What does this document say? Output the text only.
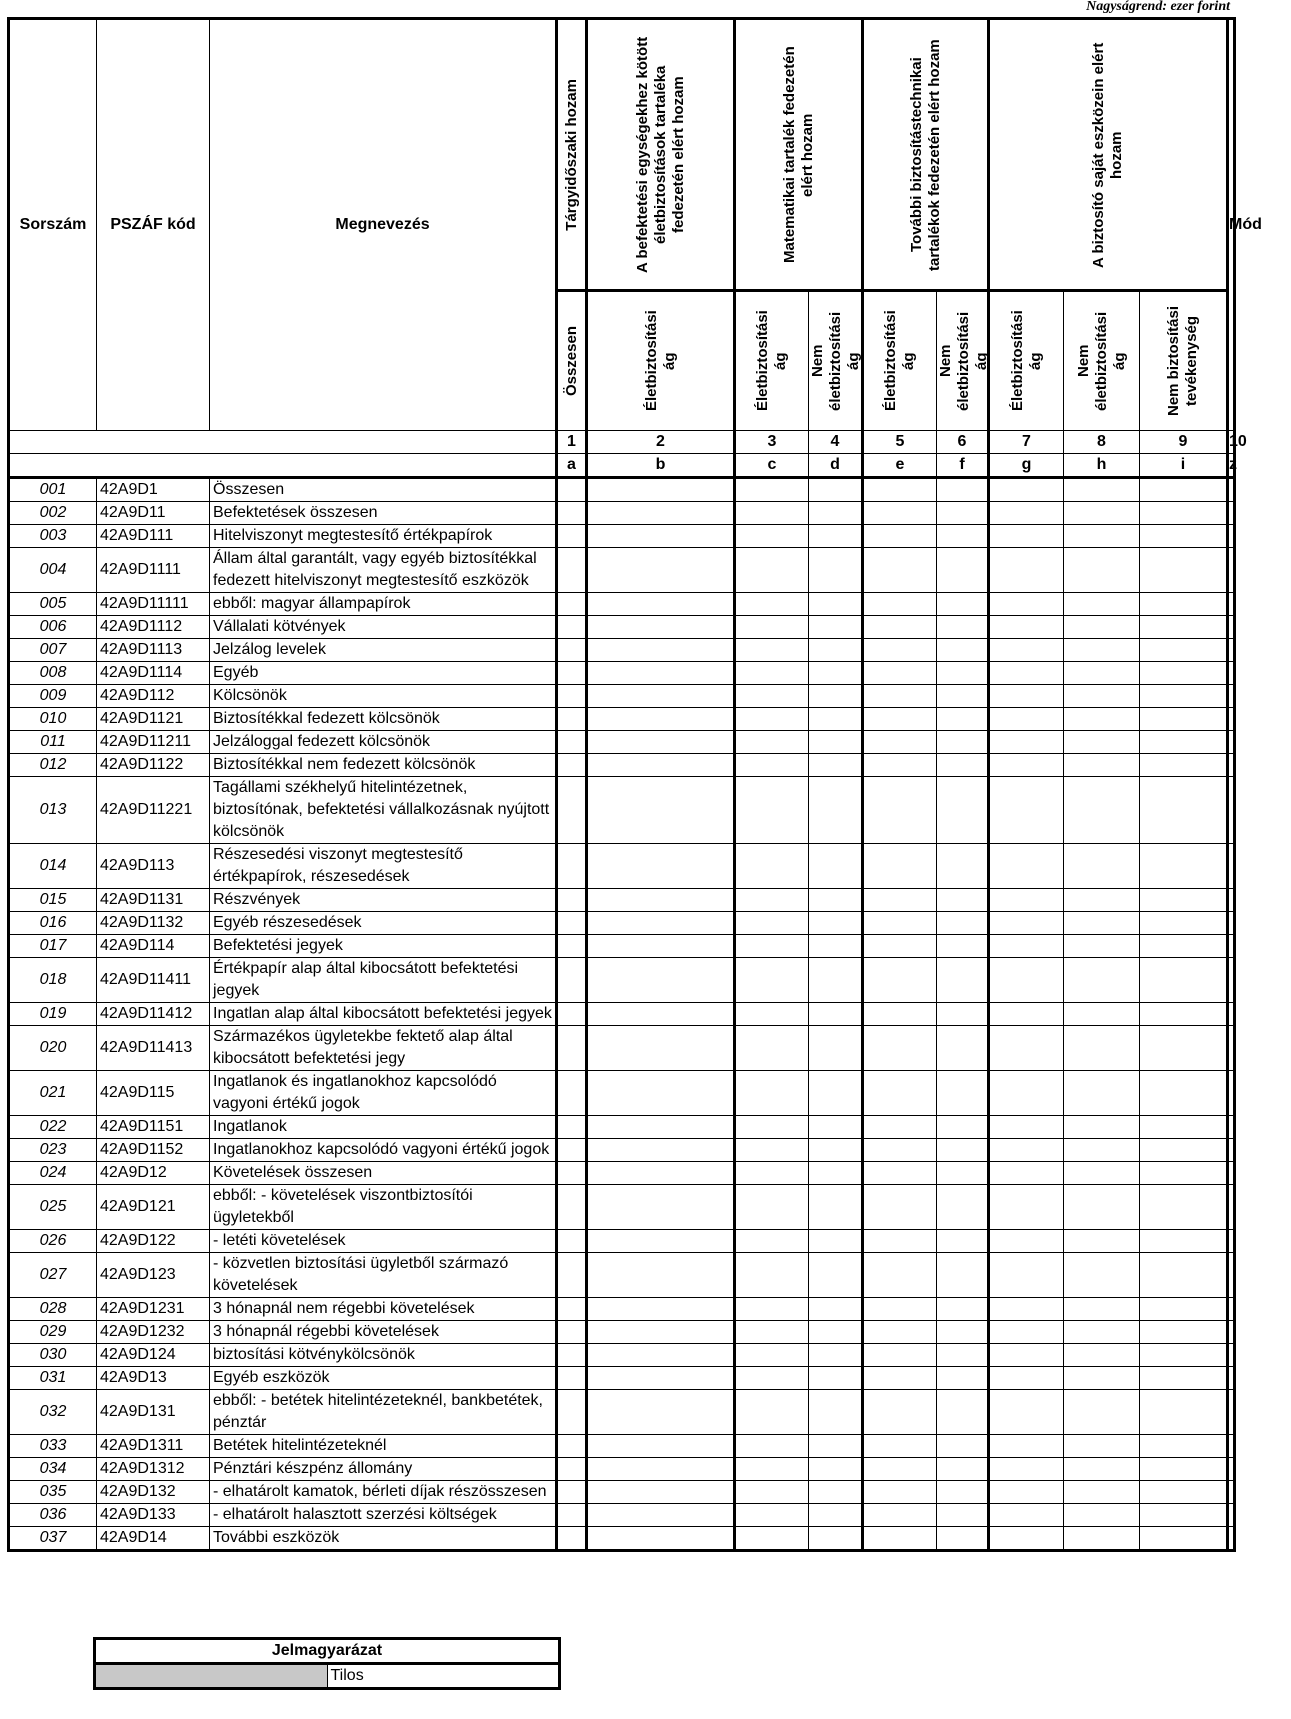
Nagyságrend: ezer forint
Sorszám	PSZÁF kód	Megnevezés	Tárgyidőszaki hozam	A befektetési egységekhez kötött életbiztosítások tartaléka fedezetén elért hozam	Matematikai tartalék fedezetén elért hozam		További biztosítástechnikai tartalékok fedezetén elért hozam		A biztosító saját eszközein elért hozam			Mód

			Összesen	Életbiztosítási ág	Életbiztosítási ág	Nem életbiztosítási ág	Életbiztosítási ág	Nem életbiztosítási ág	Életbiztosítási ág	Nem életbiztosítási ág	Nem biztosítási tevékenység	

			1	2	3	4	5	6	7	8	9	10
			a	b	c	d	e	f	g	h	i	z
001	42A9D1	Összesen										
002	42A9D11	Befektetések összesen										
003	42A9D111	Hitelviszonyt megtestesítő értékpapírok										
004	42A9D1111	Állam által garantált, vagy egyéb biztosítékkal fedezett hitelviszonyt megtestesítő eszközök										
005	42A9D11111	ebből: magyar állampapírok										
006	42A9D1112	Vállalati kötvények										
007	42A9D1113	Jelzálog levelek										
008	42A9D1114	Egyéb										
009	42A9D112	Kölcsönök										
010	42A9D1121	Biztosítékkal fedezett kölcsönök										
011	42A9D11211	Jelzáloggal fedezett kölcsönök										
012	42A9D1122	Biztosítékkal nem fedezett kölcsönök										
013	42A9D11221	Tagállami székhelyű hitelintézetnek, biztosítónak, befektetési vállalkozásnak nyújtott kölcsönök										
014	42A9D113	Részesedési viszonyt megtestesítő értékpapírok, részesedések										
015	42A9D1131	Részvények										
016	42A9D1132	Egyéb részesedések										
017	42A9D114	Befektetési jegyek										
018	42A9D11411	Értékpapír alap által kibocsátott befektetési jegyek										
019	42A9D11412	Ingatlan alap által kibocsátott befektetési jegyek										
020	42A9D11413	Származékos ügyletekbe fektető alap által kibocsátott befektetési jegy										
021	42A9D115	Ingatlanok és ingatlanokhoz kapcsolódó vagyoni értékű jogok										
022	42A9D1151	Ingatlanok										
023	42A9D1152	Ingatlanokhoz kapcsolódó vagyoni értékű jogok										
024	42A9D12	Követelések összesen										
025	42A9D121	ebből: - követelések viszontbiztosítói ügyletekből										
026	42A9D122	- letéti követelések										
027	42A9D123	- közvetlen biztosítási ügyletből származó követelések										
028	42A9D1231	3 hónapnál nem régebbi követelések										
029	42A9D1232	3 hónapnál régebbi követelések										
030	42A9D124	biztosítási kötvénykölcsönök										
031	42A9D13	Egyéb eszközök										
032	42A9D131	ebből: - betétek hitelintézeteknél, bankbetétek, pénztár										
033	42A9D1311	Betétek hitelintézeteknél										
034	42A9D1312	Pénztári készpénz állomány										
035	42A9D132	- elhatárolt kamatok, bérleti díjak részösszesen										
036	42A9D133	- elhatárolt halasztott szerzési költségek										
037	42A9D14	További eszközök										
Jelmagyarázat
	Tilos
